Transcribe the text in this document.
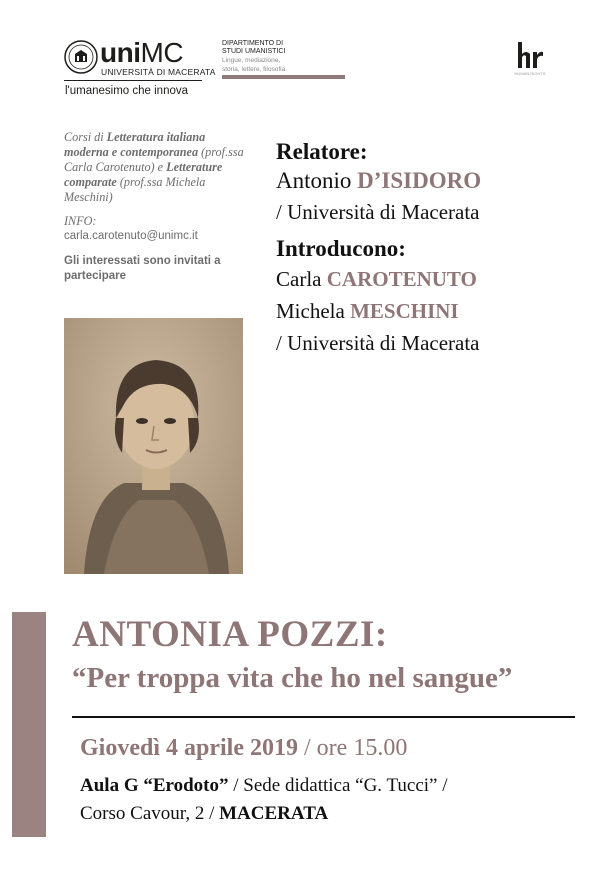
uniMC
UNIVERSITÀ DI MACERATA
l'umanesimo che innova
DIPARTIMENTO DI
STUDI UMANISTICI
Lingue, mediazione,
storia, lettere, filosofia
HUMAN RIGHTS
Corsi di Letteratura italiana moderna e contemporanea (prof.ssa Carla Carotenuto) e Letterature comparate (prof.ssa Michela Meschini)
INFO:
carla.carotenuto@unimc.it
Gli interessati sono invitati a partecipare
Relatore:
Antonio D’ISIDORO
/ Università di Macerata
Introducono:
Carla CAROTENUTO
Michela MESCHINI
/ Università di Macerata
ANTONIA POZZI:
“Per troppa vita che ho nel sangue”
Giovedì 4 aprile 2019 / ore 15.00
Aula G “Erodoto” / Sede didattica “G. Tucci” /
Corso Cavour, 2 / MACERATA
